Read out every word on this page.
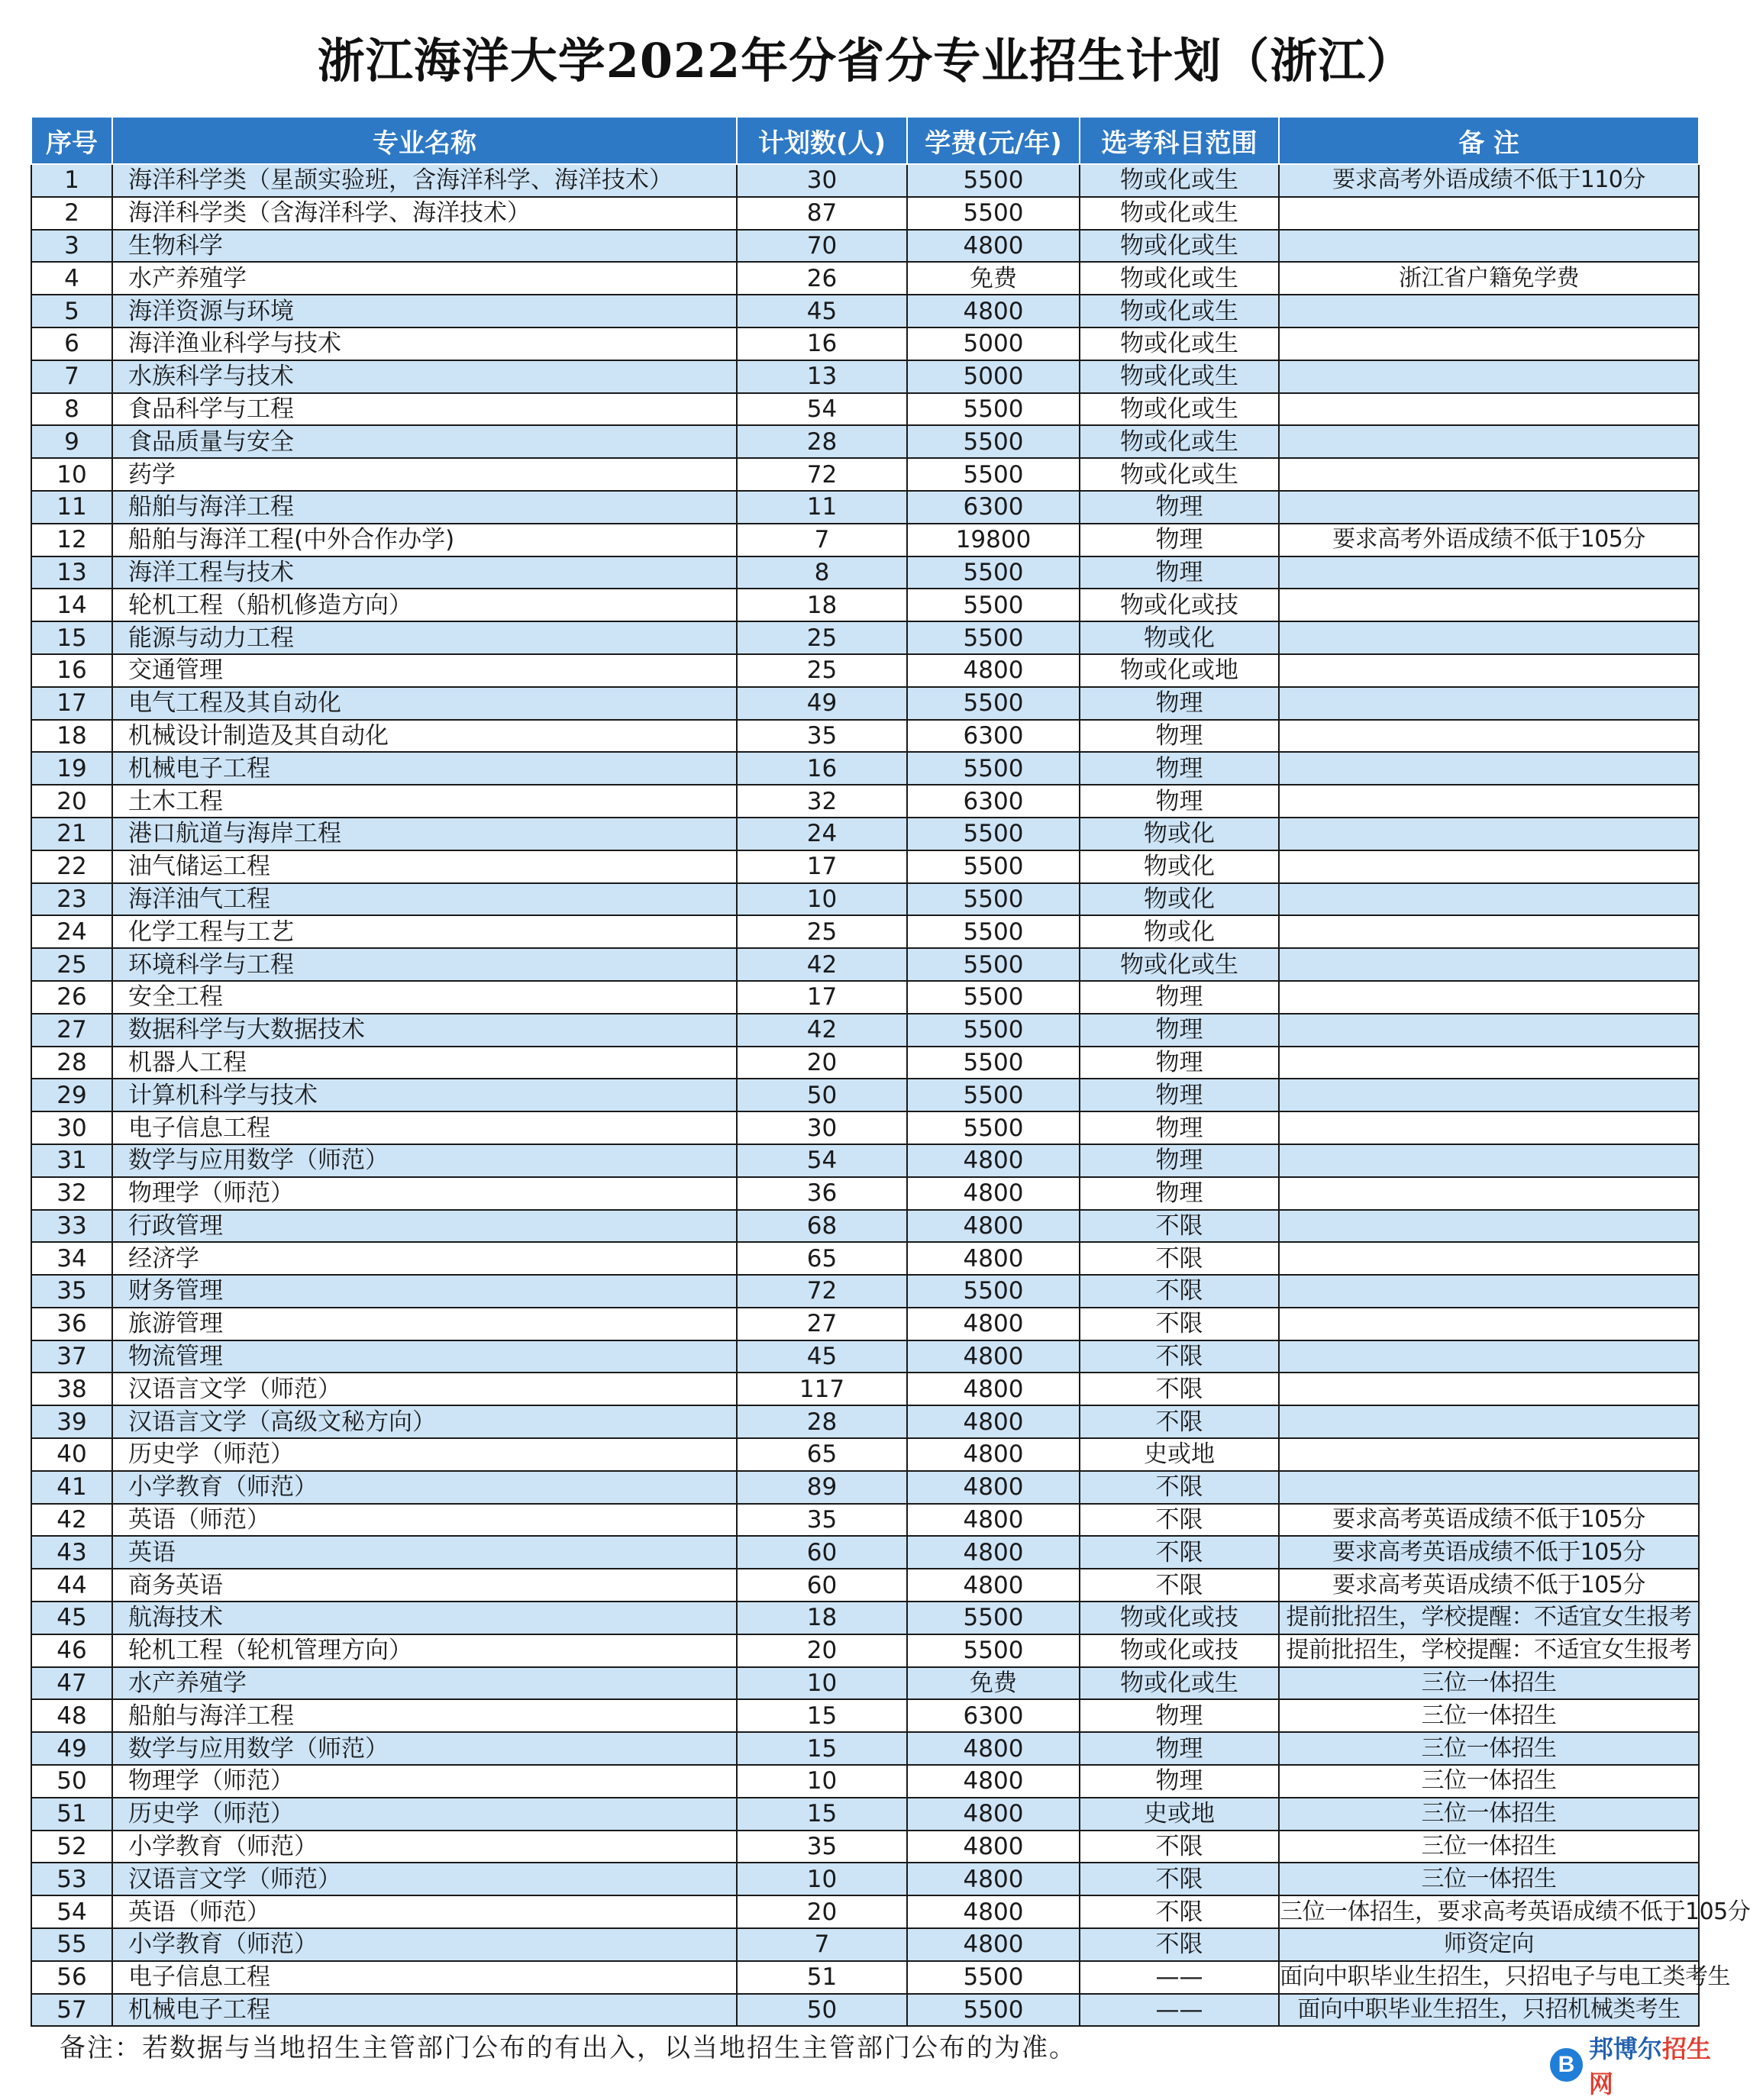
浙江海洋大学2022年分省分专业招生计划（浙江）
序号	专业名称	计划数(人)	学费(元/年)	选考科目范围	备 注
1	海洋科学类（星颉实验班，含海洋科学、海洋技术）	30	5500	物或化或生	要求高考外语成绩不低于110分
2	海洋科学类（含海洋科学、海洋技术）	87	5500	物或化或生	
3	生物科学	70	4800	物或化或生	
4	水产养殖学	26	免费	物或化或生	浙江省户籍免学费
5	海洋资源与环境	45	4800	物或化或生	
6	海洋渔业科学与技术	16	5000	物或化或生	
7	水族科学与技术	13	5000	物或化或生	
8	食品科学与工程	54	5500	物或化或生	
9	食品质量与安全	28	5500	物或化或生	
10	药学	72	5500	物或化或生	
11	船舶与海洋工程	11	6300	物理	
12	船舶与海洋工程(中外合作办学)	7	19800	物理	要求高考外语成绩不低于105分
13	海洋工程与技术	8	5500	物理	
14	轮机工程（船机修造方向）	18	5500	物或化或技	
15	能源与动力工程	25	5500	物或化	
16	交通管理	25	4800	物或化或地	
17	电气工程及其自动化	49	5500	物理	
18	机械设计制造及其自动化	35	6300	物理	
19	机械电子工程	16	5500	物理	
20	土木工程	32	6300	物理	
21	港口航道与海岸工程	24	5500	物或化	
22	油气储运工程	17	5500	物或化	
23	海洋油气工程	10	5500	物或化	
24	化学工程与工艺	25	5500	物或化	
25	环境科学与工程	42	5500	物或化或生	
26	安全工程	17	5500	物理	
27	数据科学与大数据技术	42	5500	物理	
28	机器人工程	20	5500	物理	
29	计算机科学与技术	50	5500	物理	
30	电子信息工程	30	5500	物理	
31	数学与应用数学（师范）	54	4800	物理	
32	物理学（师范）	36	4800	物理	
33	行政管理	68	4800	不限	
34	经济学	65	4800	不限	
35	财务管理	72	5500	不限	
36	旅游管理	27	4800	不限	
37	物流管理	45	4800	不限	
38	汉语言文学（师范）	117	4800	不限	
39	汉语言文学（高级文秘方向）	28	4800	不限	
40	历史学（师范）	65	4800	史或地	
41	小学教育（师范）	89	4800	不限	
42	英语（师范）	35	4800	不限	要求高考英语成绩不低于105分
43	英语	60	4800	不限	要求高考英语成绩不低于105分
44	商务英语	60	4800	不限	要求高考英语成绩不低于105分
45	航海技术	18	5500	物或化或技	提前批招生，学校提醒：不适宜女生报考
46	轮机工程（轮机管理方向）	20	5500	物或化或技	提前批招生，学校提醒：不适宜女生报考
47	水产养殖学	10	免费	物或化或生	三位一体招生
48	船舶与海洋工程	15	6300	物理	三位一体招生
49	数学与应用数学（师范）	15	4800	物理	三位一体招生
50	物理学（师范）	10	4800	物理	三位一体招生
51	历史学（师范）	15	4800	史或地	三位一体招生
52	小学教育（师范）	35	4800	不限	三位一体招生
53	汉语言文学（师范）	10	4800	不限	三位一体招生
54	英语（师范）	20	4800	不限	三位一体招生，要求高考英语成绩不低于105分
55	小学教育（师范）	7	4800	不限	师资定向
56	电子信息工程	51	5500	——	面向中职毕业生招生，只招电子与电工类考生
57	机械电子工程	50	5500	——	面向中职毕业生招生，只招机械类考生
备注：若数据与当地招生主管部门公布的有出入，以当地招生主管部门公布的为准。
B
邦博尔招生网
